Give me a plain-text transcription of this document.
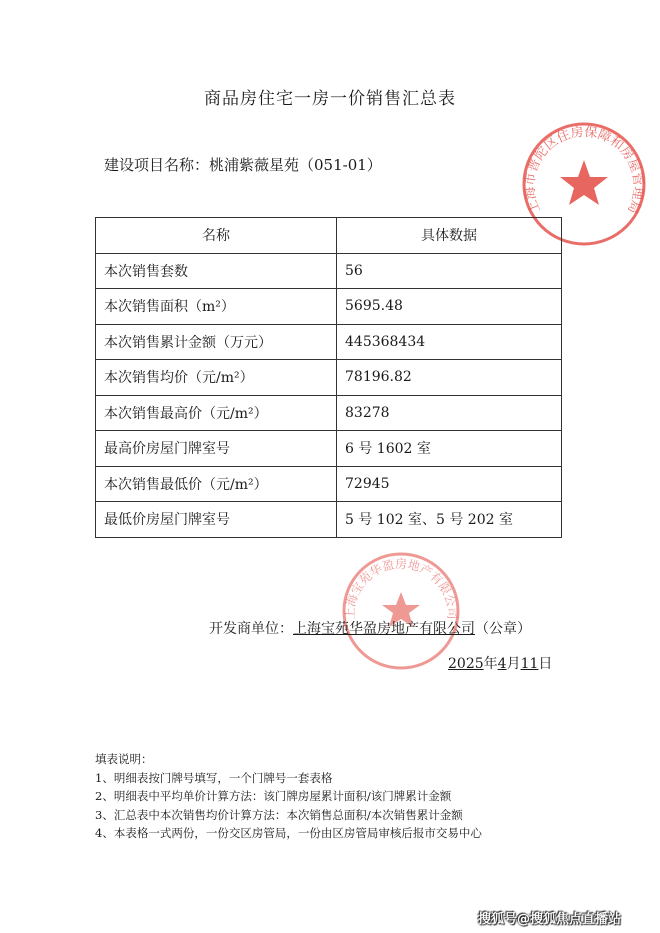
商品房住宅一房一价销售汇总表
建设项目名称：桃浦紫薇星苑（051-01）
上海市普陀区住房保障和房屋管理局
名称	具体数据
本次销售套数	56
本次销售面积（m²）	5695.48
本次销售累计金额（万元）	445368434
本次销售均价（元/m²）	78196.82
本次销售最高价（元/m²）	83278
最高价房屋门牌室号	6 号 1602 室
本次销售最低价（元/m²）	72945
最低价房屋门牌室号	5 号 102 室、5 号 202 室
上海宝苑华盈房地产有限公司
开发商单位：上海宝苑华盈房地产有限公司（公章）
2025年4月11日
填表说明：
1、明细表按门牌号填写，一个门牌号一套表格
2、明细表中平均单价计算方法：该门牌房屋累计面积/该门牌累计金额
3、汇总表中本次销售均价计算方法：本次销售总面积/本次销售累计金额
4、本表格一式两份，一份交区房管局，一份由区房管局审核后报市交易中心
搜狐号@搜狐焦点直播站
